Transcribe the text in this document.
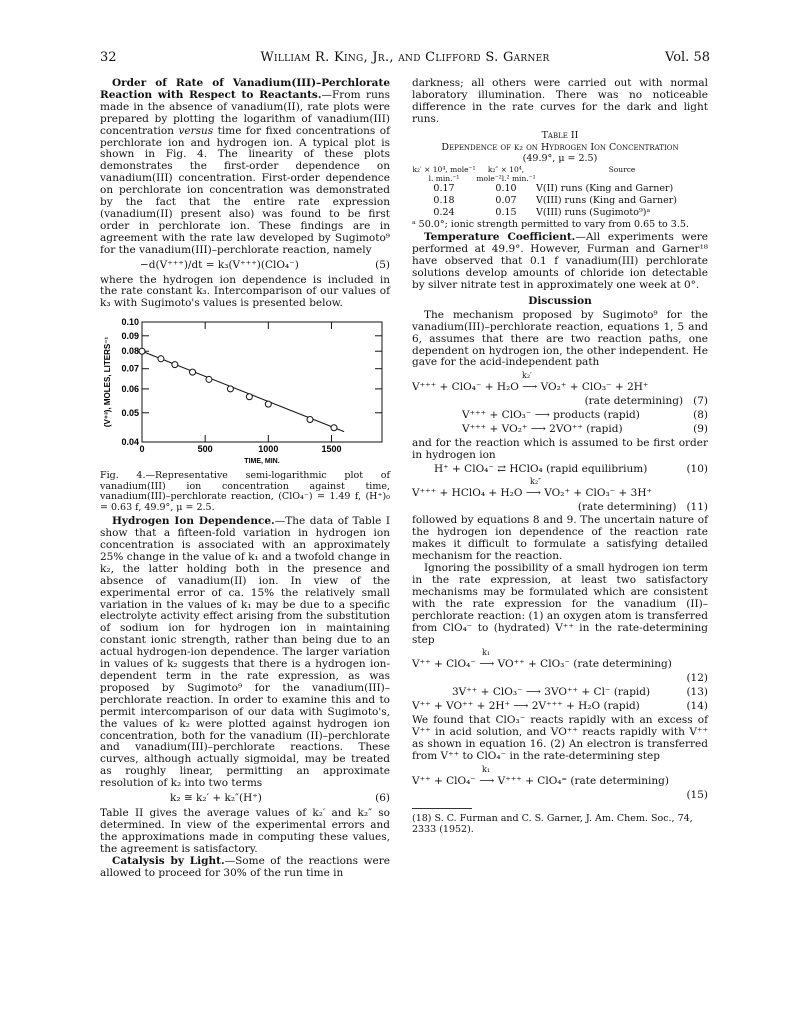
32	William R. King, Jr., and Clifford S. Garner	Vol. 58

Order of Rate of Vanadium(III)–Perchlorate Reaction with Respect to Reactants.—From runs made in the absence of vanadium(II), rate plots were prepared by plotting the logarithm of vanadium(III) concentration versus time for fixed concentrations of perchlorate ion and hydrogen ion. A typical plot is shown in Fig. 4. The linearity of these plots demonstrates the first-order dependence on vanadium(III) concentration. First-order dependence on perchlorate ion concentration was demonstrated by the fact that the entire rate expression (vanadium(II) present also) was found to be first order in perchlorate ion. These findings are in agreement with the rate law developed by Sugimoto⁹ for the vanadium(III)–perchlorate reaction, namely

−d(V⁺⁺⁺)/dt = k₃(V⁺⁺⁺)(ClO₄⁻)	(5)

where the hydrogen ion dependence is included in the rate constant k₃. Intercomparison of our values of k₃ with Sugimoto's values is presented below.

0.10
0.09
0.08
0.07
0.06
0.05
0.04
0	500	1000	1500
(V⁺³), MOLES, LITERS⁻¹
TIME, MIN.

Fig. 4.—Representative semi-logarithmic plot of vanadium(III) ion concentration against time, vanadium(III)–perchlorate reaction, (ClO₄⁻) = 1.49 f, (H⁺)₀ = 0.63 f, 49.9°, μ = 2.5.

Hydrogen Ion Dependence.—The data of Table I show that a fifteen-fold variation in hydrogen ion concentration is associated with an approximately 25% change in the value of k₁ and a twofold change in k₂, the latter holding both in the presence and absence of vanadium(II) ion. In view of the experimental error of ca. 15% the relatively small variation in the values of k₁ may be due to a specific electrolyte activity effect arising from the substitution of sodium ion for hydrogen ion in maintaining constant ionic strength, rather than being due to an actual hydrogen-ion dependence. The larger variation in values of k₂ suggests that there is a hydrogen ion-dependent term in the rate expression, as was proposed by Sugimoto⁹ for the vanadium(III)–perchlorate reaction. In order to examine this and to permit intercomparison of our data with Sugimoto's, the values of k₂ were plotted against hydrogen ion concentration, both for the vanadium (II)–perchlorate and vanadium(III)–perchlorate reactions. These curves, although actually sigmoidal, may be treated as roughly linear, permitting an approximate resolution of k₂ into two terms

k₂ ≅ k₂′ + k₂″(H⁺)	(6)

Table II gives the average values of k₂′ and k₂″ so determined. In view of the experimental errors and the approximations made in computing these values, the agreement is satisfactory.

Catalysis by Light.—Some of the reactions were allowed to proceed for 30% of the run time in

darkness; all others were carried out with normal laboratory illumination. There was no noticeable difference in the rate curves for the dark and light runs.

Table II
Dependence of k₂ on Hydrogen Ion Concentration
(49.9°, μ = 2.5)
k₂′ × 10⁴, mole⁻¹ l. min.⁻¹
k₂″ × 10⁴, mole⁻²l.² min.⁻¹
Source
0.17	0.10	V(II) runs (King and Garner)
0.18	0.07	V(III) runs (King and Garner)
0.24	0.15	V(III) runs (Sugimoto⁹)ᵃ
ᵃ 50.0°; ionic strength permitted to vary from 0.65 to 3.5.

Temperature Coefficient.—All experiments were performed at 49.9°. However, Furman and Garner¹⁸ have observed that 0.1 f vanadium(III) perchlorate solutions develop amounts of chloride ion detectable by silver nitrate test in approximately one week at 0°.

Discussion

The mechanism proposed by Sugimoto⁹ for the vanadium(III)–perchlorate reaction, equations 1, 5 and 6, assumes that there are two reaction paths, one dependent on hydrogen ion, the other independent. He gave for the acid-independent path

k₂′
V⁺⁺⁺ + ClO₄⁻ + H₂O ⟶ VO₂⁺ + ClO₃⁻ + 2H⁺
(rate determining) (7)
V⁺⁺⁺ + ClO₃⁻ ⟶ products (rapid)	(8)
V⁺⁺⁺ + VO₂⁺ ⟶ 2VO⁺⁺ (rapid)	(9)

and for the reaction which is assumed to be first order in hydrogen ion

H⁺ + ClO₄⁻ ⇄ HClO₄ (rapid equilibrium)	(10)
k₂″
V⁺⁺⁺ + HClO₄ + H₂O ⟶ VO₂⁺ + ClO₃⁻ + 3H⁺
(rate determining) (11)

followed by equations 8 and 9. The uncertain nature of the hydrogen ion dependence of the reaction rate makes it difficult to formulate a satisfying detailed mechanism for the reaction.

Ignoring the possibility of a small hydrogen ion term in the rate expression, at least two satisfactory mechanisms may be formulated which are consistent with the rate expression for the vanadium (II)–perchlorate reaction: (1) an oxygen atom is transferred from ClO₄⁻ to (hydrated) V⁺⁺ in the rate-determining step

k₁
V⁺⁺ + ClO₄⁻ ⟶ VO⁺⁺ + ClO₃⁻ (rate determining)
(12)
3V⁺⁺ + ClO₃⁻ ⟶ 3VO⁺⁺ + Cl⁻ (rapid)	(13)
V⁺⁺ + VO⁺⁺ + 2H⁺ ⟶ 2V⁺⁺⁺ + H₂O (rapid)	(14)

We found that ClO₃⁻ reacts rapidly with an excess of V⁺⁺ in acid solution, and VO⁺⁺ reacts rapidly with V⁺⁺ as shown in equation 16. (2) An electron is transferred from V⁺⁺ to ClO₄⁻ in the rate-determining step

k₁
V⁺⁺ + ClO₄⁻ ⟶ V⁺⁺⁺ + ClO₄⁼ (rate determining)
(15)
(18) S. C. Furman and C. S. Garner, J. Am. Chem. Soc., 74, 2333 (1952).
